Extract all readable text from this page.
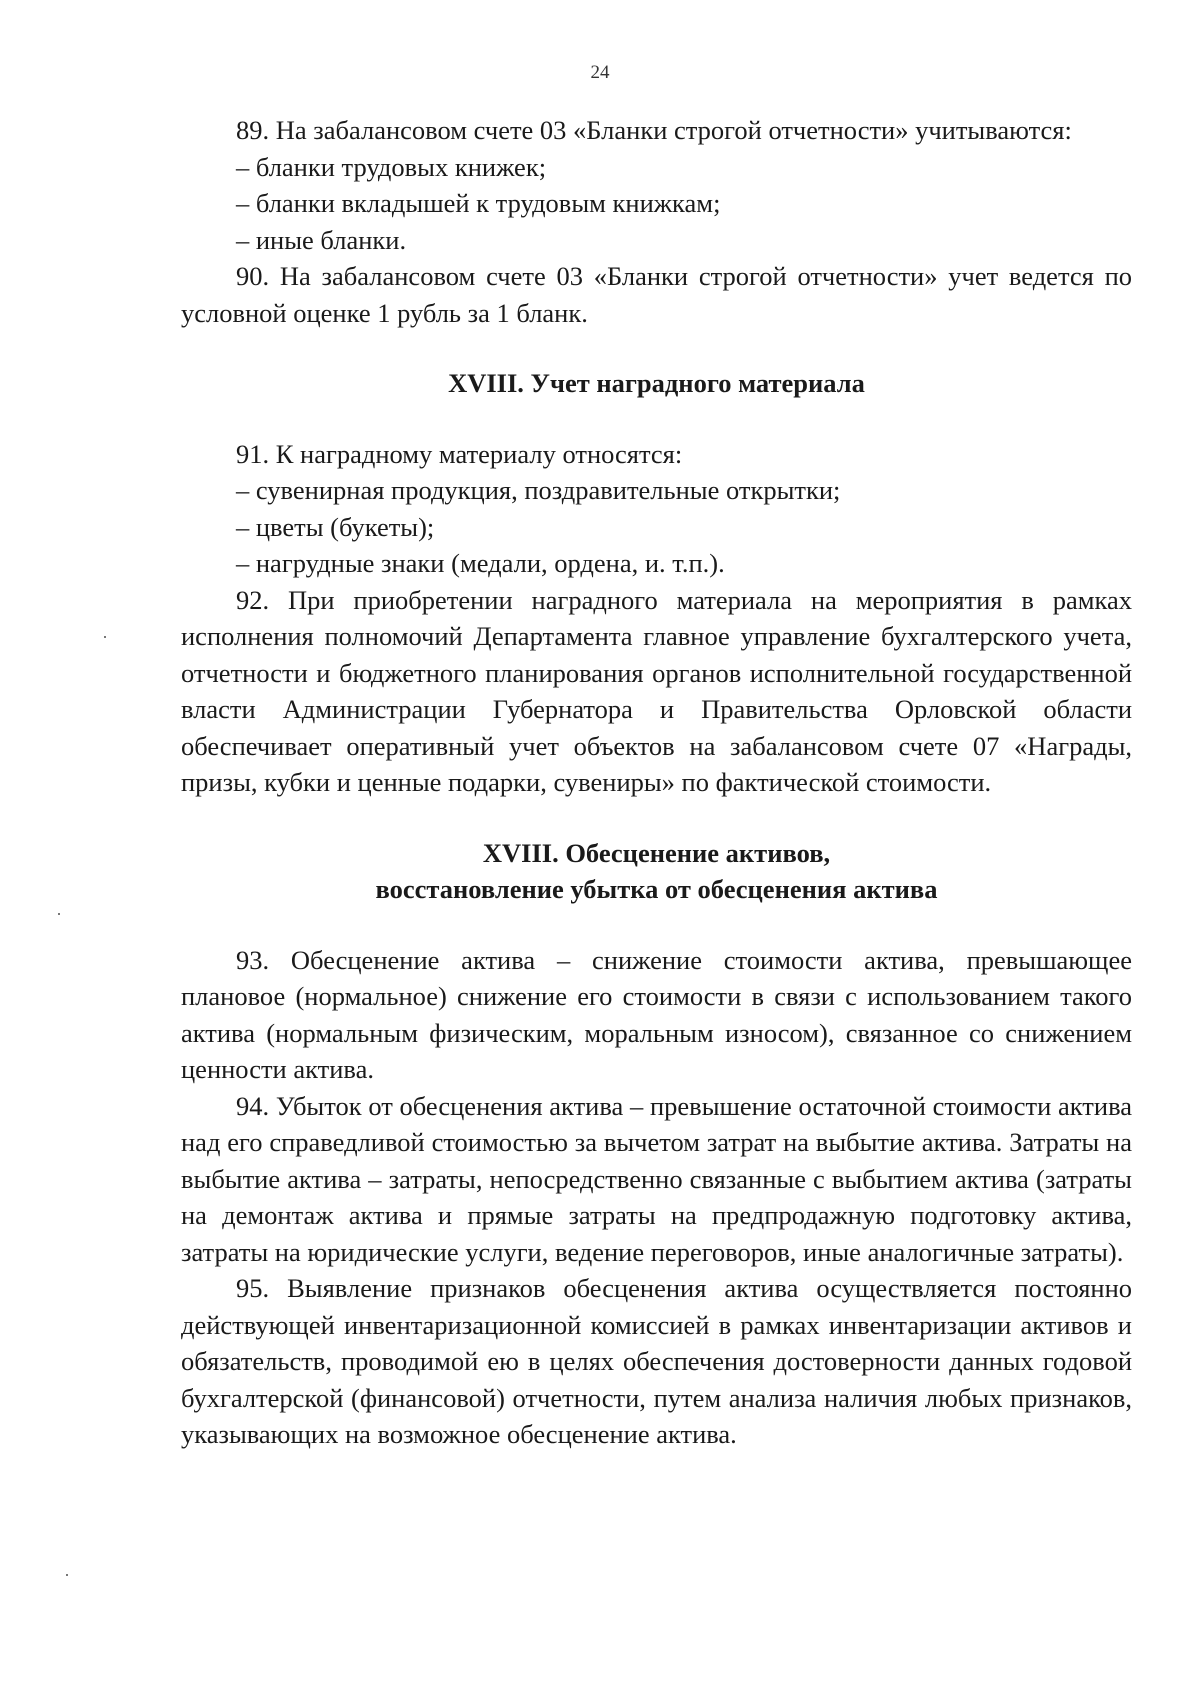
24

89. На забалансовом счете 03 «Бланки строгой отчетности» учитываются:

– бланки трудовых книжек;

– бланки вкладышей к трудовым книжкам;

– иные бланки.

90. На забалансовом счете 03 «Бланки строгой отчетности» учет ведется по условной оценке 1 рубль за 1 бланк.

XVIII. Учет наградного материала

91. К наградному материалу относятся:

– сувенирная продукция, поздравительные открытки;

– цветы (букеты);

– нагрудные знаки (медали, ордена, и. т.п.).

92. При приобретении наградного материала на мероприятия в рамках исполнения полномочий Департамента главное управление бухгалтерского учета, отчетности и бюджетного планирования органов исполнительной государственной власти Администрации Губернатора и Правительства Орловской области обеспечивает оперативный учет объектов на забалансовом счете 07 «Награды, призы, кубки и ценные подарки, сувениры» по фактической стоимости.

XVIII. Обесценение активов,
восстановление убытка от обесценения актива

93. Обесценение актива – снижение стоимости актива, превышающее плановое (нормальное) снижение его стоимости в связи с использованием такого актива (нормальным физическим, моральным износом), связанное со снижением ценности актива.

94. Убыток от обесценения актива – превышение остаточной стоимости актива над его справедливой стоимостью за вычетом затрат на выбытие актива. Затраты на выбытие актива – затраты, непосредственно связанные с выбытием актива (затраты на демонтаж актива и прямые затраты на предпродажную подготовку актива, затраты на юридические услуги, ведение переговоров, иные аналогичные затраты).

95. Выявление признаков обесценения актива осуществляется постоянно действующей инвентаризационной комиссией в рамках инвентаризации активов и обязательств, проводимой ею в целях обеспечения достоверности данных годовой бухгалтерской (финансовой) отчетности, путем анализа наличия любых признаков, указывающих на возможное обесценение актива.
